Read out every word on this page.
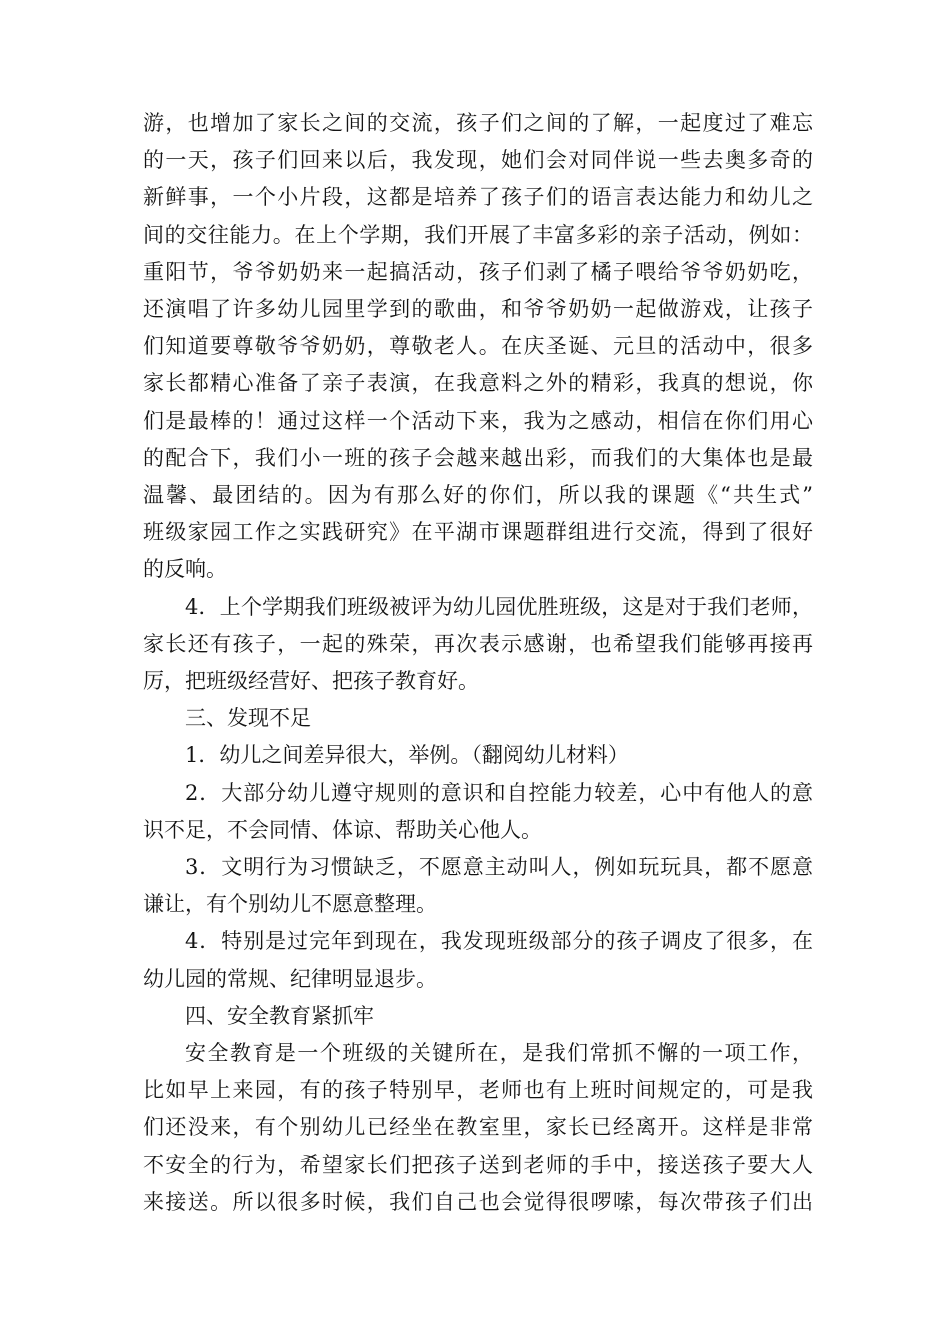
游，也增加了家长之间的交流，孩子们之间的了解，一起度过了难忘

的一天，孩子们回来以后，我发现，她们会对同伴说一些去奥多奇的

新鲜事，一个小片段，这都是培养了孩子们的语言表达能力和幼儿之

间的交往能力。在上个学期，我们开展了丰富多彩的亲子活动，例如：

重阳节，爷爷奶奶来一起搞活动，孩子们剥了橘子喂给爷爷奶奶吃，

还演唱了许多幼儿园里学到的歌曲，和爷爷奶奶一起做游戏，让孩子

们知道要尊敬爷爷奶奶，尊敬老人。在庆圣诞、元旦的活动中，很多

家长都精心准备了亲子表演，在我意料之外的精彩，我真的想说，你

们是最棒的！通过这样一个活动下来，我为之感动，相信在你们用心

的配合下，我们小一班的孩子会越来越出彩，而我们的大集体也是最

温馨、最团结的。因为有那么好的你们，所以我的课题《“共生式”

班级家园工作之实践研究》在平湖市课题群组进行交流，得到了很好

的反响。

4．上个学期我们班级被评为幼儿园优胜班级，这是对于我们老师，

家长还有孩子，一起的殊荣，再次表示感谢，也希望我们能够再接再

厉，把班级经营好、把孩子教育好。

三、发现不足

1．幼儿之间差异很大，举例。（翻阅幼儿材料）

2．大部分幼儿遵守规则的意识和自控能力较差，心中有他人的意

识不足，不会同情、体谅、帮助关心他人。

3．文明行为习惯缺乏，不愿意主动叫人，例如玩玩具，都不愿意

谦让，有个别幼儿不愿意整理。

4．特别是过完年到现在，我发现班级部分的孩子调皮了很多，在

幼儿园的常规、纪律明显退步。

四、安全教育紧抓牢

安全教育是一个班级的关键所在，是我们常抓不懈的一项工作，

比如早上来园，有的孩子特别早，老师也有上班时间规定的，可是我

们还没来，有个别幼儿已经坐在教室里，家长已经离开。这样是非常

不安全的行为，希望家长们把孩子送到老师的手中，接送孩子要大人

来接送。所以很多时候，我们自己也会觉得很啰嗦，每次带孩子们出
